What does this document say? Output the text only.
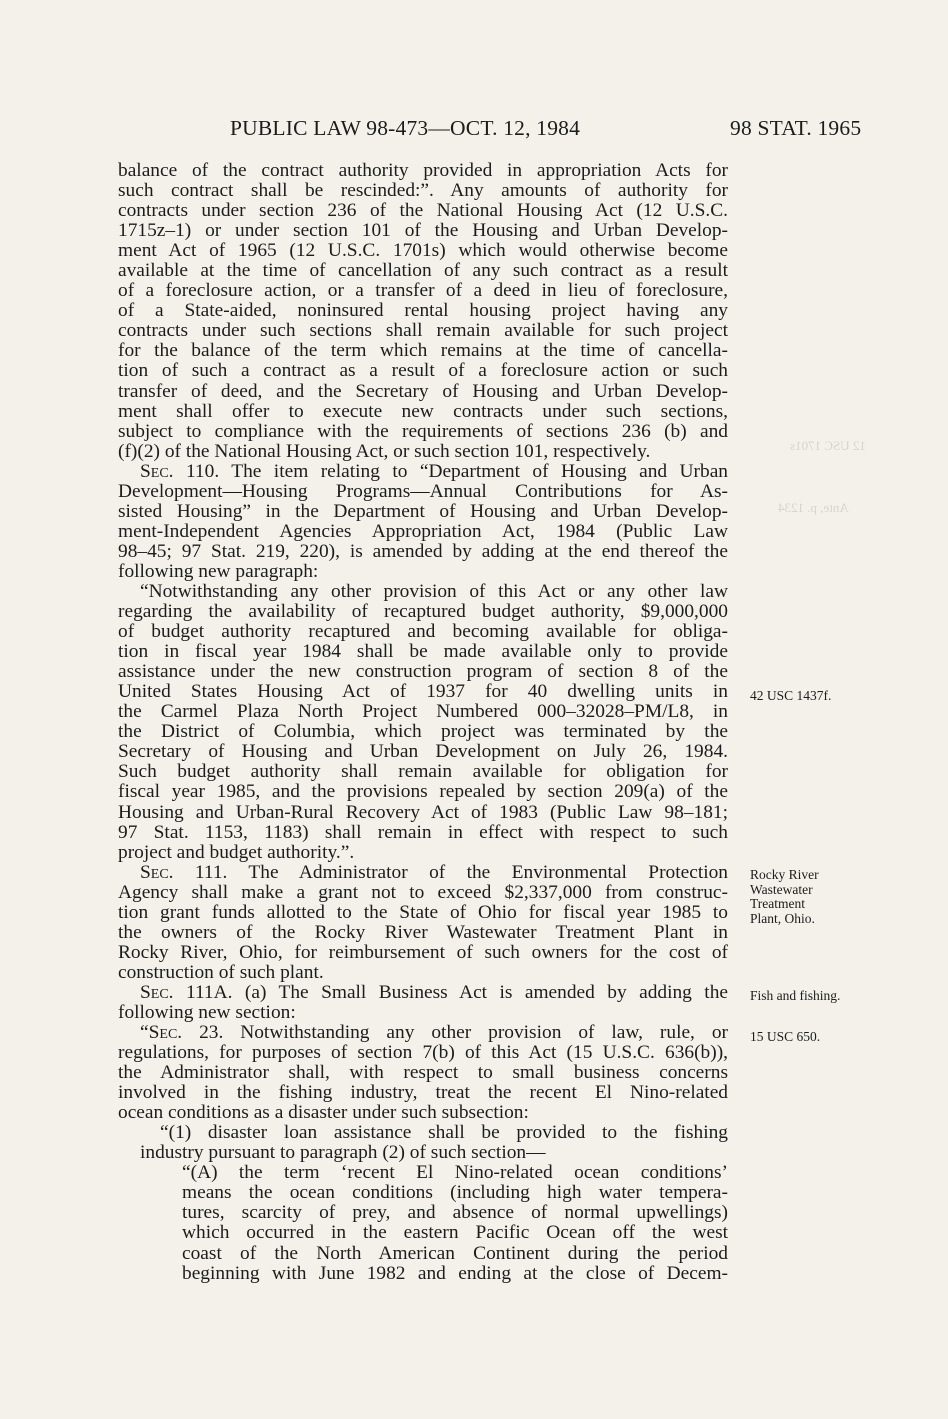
PUBLIC LAW 98-473—OCT. 12, 1984	98 STAT. 1965
12 USC 1701s
Ante, p. 1234
balance of the contract authority provided in appropriation Acts for
such contract shall be rescinded:”. Any amounts of authority for
contracts under section 236 of the National Housing Act (12 U.S.C.
1715z–1) or under section 101 of the Housing and Urban Develop-
ment Act of 1965 (12 U.S.C. 1701s) which would otherwise become
available at the time of cancellation of any such contract as a result
of a foreclosure action, or a transfer of a deed in lieu of foreclosure,
of a State-aided, noninsured rental housing project having any
contracts under such sections shall remain available for such project
for the balance of the term which remains at the time of cancella-
tion of such a contract as a result of a foreclosure action or such
transfer of deed, and the Secretary of Housing and Urban Develop-
ment shall offer to execute new contracts under such sections,
subject to compliance with the requirements of sections 236 (b) and
(f)(2) of the National Housing Act, or such section 101, respectively.
Sec. 110. The item relating to “Department of Housing and Urban
Development—Housing Programs—Annual Contributions for As-
sisted Housing” in the Department of Housing and Urban Develop-
ment-Independent Agencies Appropriation Act, 1984 (Public Law
98–45; 97 Stat. 219, 220), is amended by adding at the end thereof the
following new paragraph:
“Notwithstanding any other provision of this Act or any other law
regarding the availability of recaptured budget authority, $9,000,000
of budget authority recaptured and becoming available for obliga-
tion in fiscal year 1984 shall be made available only to provide
assistance under the new construction program of section 8 of the
United States Housing Act of 1937 for 40 dwelling units in
the Carmel Plaza North Project Numbered 000–32028–PM/L8, in
the District of Columbia, which project was terminated by the
Secretary of Housing and Urban Development on July 26, 1984.
Such budget authority shall remain available for obligation for
fiscal year 1985, and the provisions repealed by section 209(a) of the
Housing and Urban-Rural Recovery Act of 1983 (Public Law 98–181;
97 Stat. 1153, 1183) shall remain in effect with respect to such
project and budget authority.”.
Sec. 111. The Administrator of the Environmental Protection
Agency shall make a grant not to exceed $2,337,000 from construc-
tion grant funds allotted to the State of Ohio for fiscal year 1985 to
the owners of the Rocky River Wastewater Treatment Plant in
Rocky River, Ohio, for reimbursement of such owners for the cost of
construction of such plant.
Sec. 111A. (a) The Small Business Act is amended by adding the
following new section:
“Sec. 23. Notwithstanding any other provision of law, rule, or
regulations, for purposes of section 7(b) of this Act (15 U.S.C. 636(b)),
the Administrator shall, with respect to small business concerns
involved in the fishing industry, treat the recent El Nino-related
ocean conditions as a disaster under such subsection:
“(1) disaster loan assistance shall be provided to the fishing
industry pursuant to paragraph (2) of such section—
“(A) the term ‘recent El Nino-related ocean conditions’
means the ocean conditions (including high water tempera-
tures, scarcity of prey, and absence of normal upwellings)
which occurred in the eastern Pacific Ocean off the west
coast of the North American Continent during the period
beginning with June 1982 and ending at the close of Decem-
42 USC 1437f.
Rocky River
Wastewater
Treatment
Plant, Ohio.
Fish and fishing.
15 USC 650.
